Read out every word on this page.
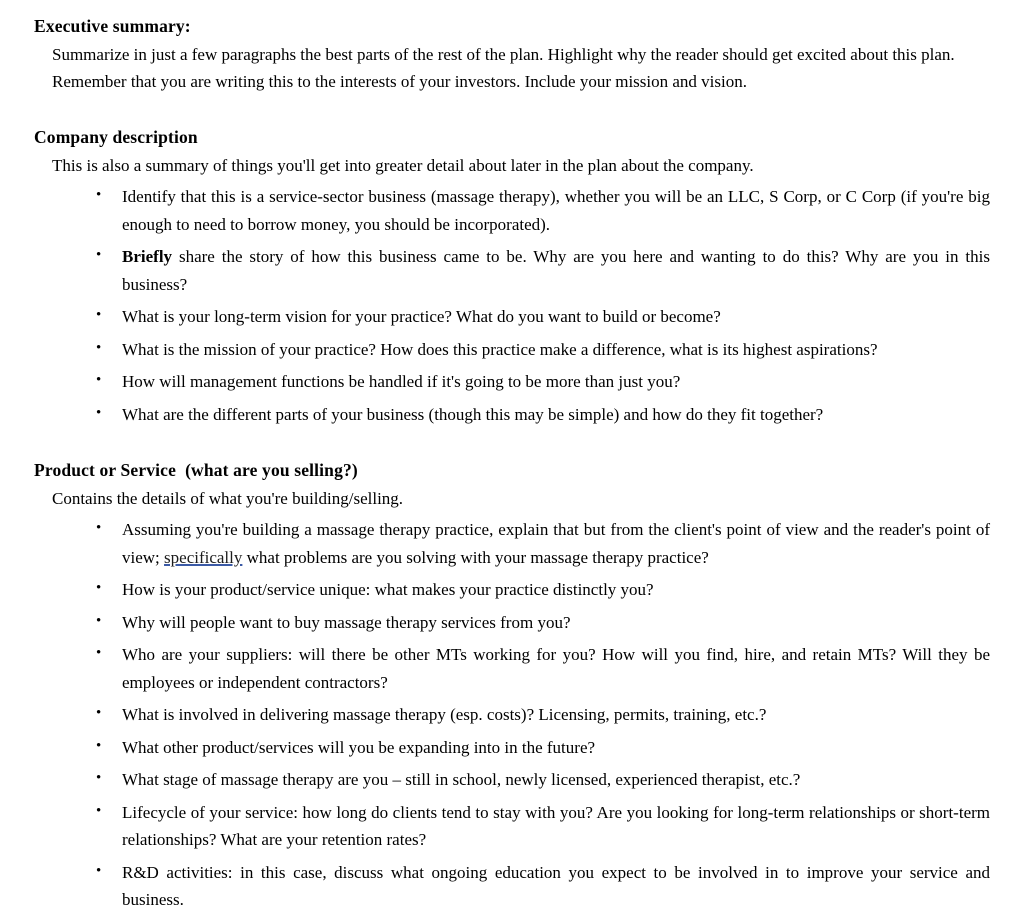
Executive summary:

Summarize in just a few paragraphs the best parts of the rest of the plan. Highlight why the reader should get excited about this plan. Remember that you are writing this to the interests of your investors. Include your mission and vision.

Company description

This is also a summary of things you'll get into greater detail about later in the plan about the company.

• Identify that this is a service-sector business (massage therapy), whether you will be an LLC, S Corp, or C Corp (if you're big enough to need to borrow money, you should be incorporated).
• Briefly share the story of how this business came to be. Why are you here and wanting to do this? Why are you in this business?
• What is your long-term vision for your practice? What do you want to build or become?
• What is the mission of your practice? How does this practice make a difference, what is its highest aspirations?
• How will management functions be handled if it's going to be more than just you?
• What are the different parts of your business (though this may be simple) and how do they fit together?
Product or Service  (what are you selling?)

Contains the details of what you're building/selling.

• Assuming you're building a massage therapy practice, explain that but from the client's point of view and the reader's point of view; specifically what problems are you solving with your massage therapy practice?
• How is your product/service unique: what makes your practice distinctly you?
• Why will people want to buy massage therapy services from you?
• Who are your suppliers: will there be other MTs working for you? How will you find, hire, and retain MTs? Will they be employees or independent contractors?
• What is involved in delivering massage therapy (esp. costs)? Licensing, permits, training, etc.?
• What other product/services will you be expanding into in the future?
• What stage of massage therapy are you – still in school, newly licensed, experienced therapist, etc.?
• Lifecycle of your service: how long do clients tend to stay with you? Are you looking for long-term relationships or short-term relationships? What are your retention rates?
• R&D activities: in this case, discuss what ongoing education you expect to be involved in to improve your service and business.
